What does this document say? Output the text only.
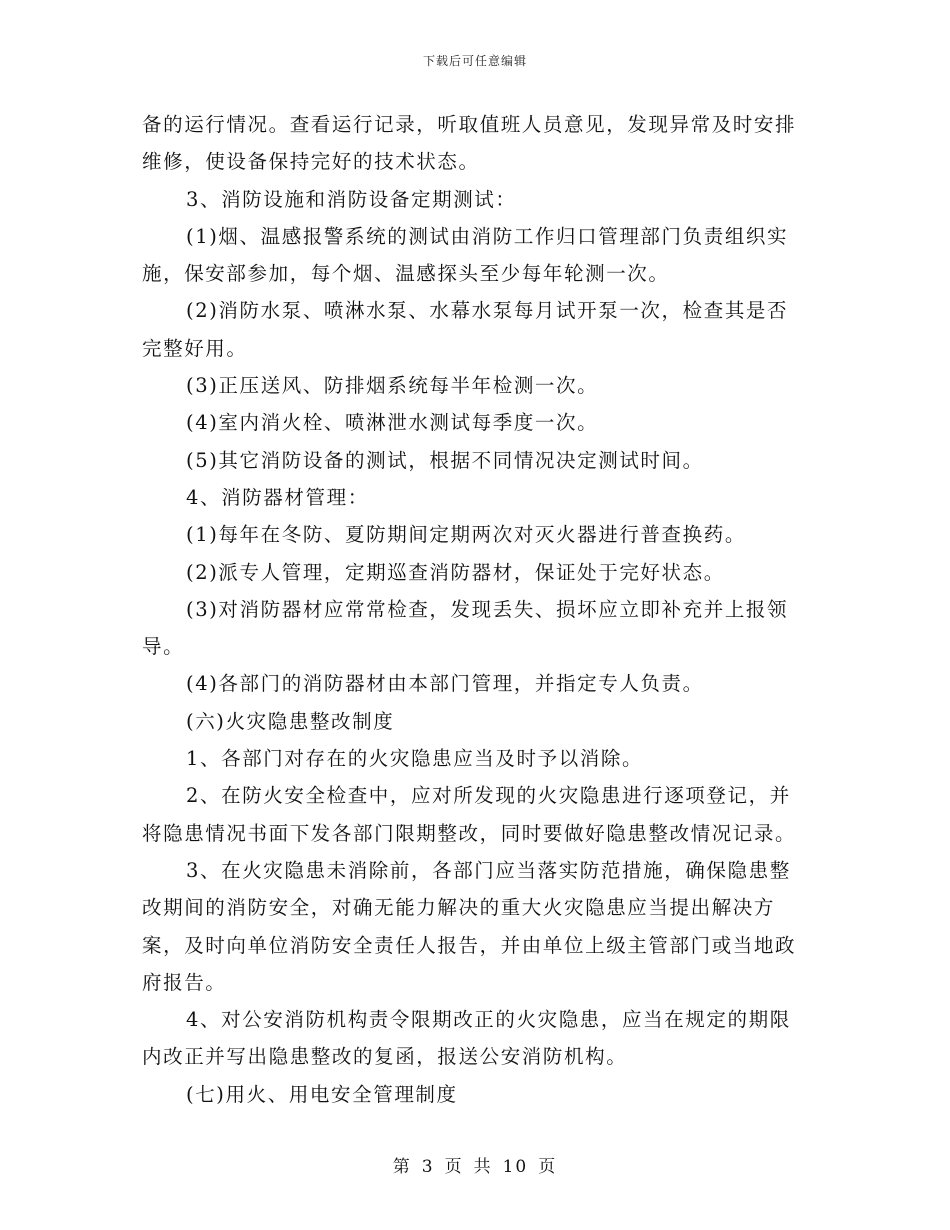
下载后可任意编辑

备的运行情况。查看运行记录，听取值班人员意见，发现异常及时安排维修，使设备保持完好的技术状态。

3、消防设施和消防设备定期测试：

(1)烟、温感报警系统的测试由消防工作归口管理部门负责组织实施，保安部参加，每个烟、温感探头至少每年轮测一次。

(2)消防水泵、喷淋水泵、水幕水泵每月试开泵一次，检查其是否完整好用。

(3)正压送风、防排烟系统每半年检测一次。

(4)室内消火栓、喷淋泄水测试每季度一次。

(5)其它消防设备的测试，根据不同情况决定测试时间。

4、消防器材管理：

(1)每年在冬防、夏防期间定期两次对灭火器进行普查换药。

(2)派专人管理，定期巡查消防器材，保证处于完好状态。

(3)对消防器材应常常检查，发现丢失、损坏应立即补充并上报领导。

(4)各部门的消防器材由本部门管理，并指定专人负责。

(六)火灾隐患整改制度

1、各部门对存在的火灾隐患应当及时予以消除。

2、在防火安全检查中，应对所发现的火灾隐患进行逐项登记，并将隐患情况书面下发各部门限期整改，同时要做好隐患整改情况记录。

3、在火灾隐患未消除前，各部门应当落实防范措施，确保隐患整改期间的消防安全，对确无能力解决的重大火灾隐患应当提出解决方案，及时向单位消防安全责任人报告，并由单位上级主管部门或当地政府报告。

4、对公安消防机构责令限期改正的火灾隐患，应当在规定的期限内改正并写出隐患整改的复函，报送公安消防机构。

(七)用火、用电安全管理制度

第 3 页 共 10 页
